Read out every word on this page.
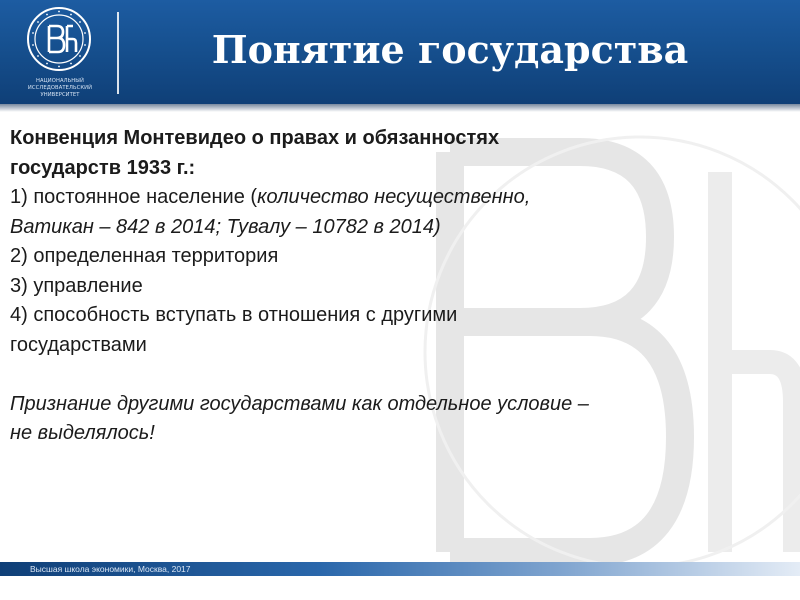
НАЦИОНАЛЬНЫЙ ИССЛЕДОВАТЕЛЬСКИЙ УНИВЕРСИТЕТ
Понятие государства
Конвенция Монтевидео о правах и обязанностях
государств 1933 г.:
1) постоянное население (количество несущественно,
Ватикан – 842 в 2014; Тувалу – 10782 в 2014)
2) определенная территория
3) управление
4) способность вступать в отношения с другими
государствами
Признание другими государствами как отдельное условие –
не выделялось!
Высшая школа экономики, Москва, 2017
